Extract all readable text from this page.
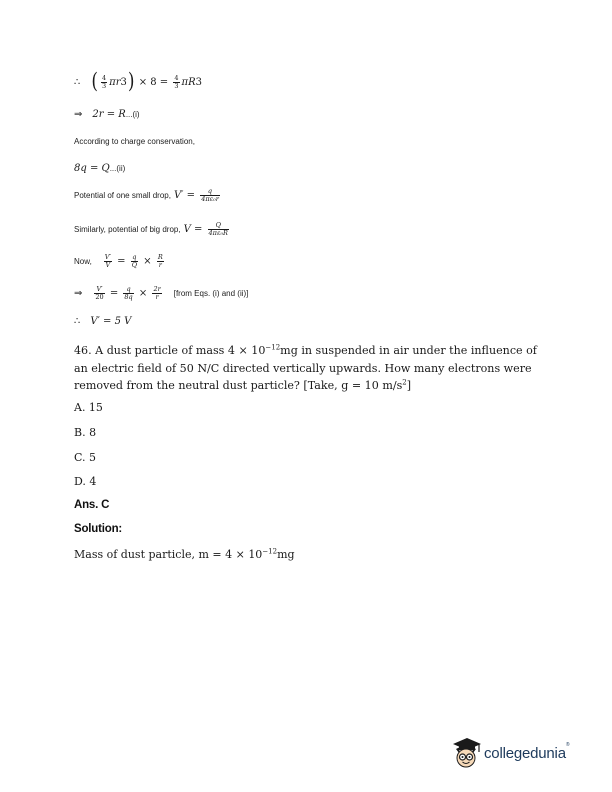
∴ ( $\frac{4}{3}$ πr 3 ) × $8 = \frac{4}{3}$ πR 3
⇒ 2r = R ...(i)
According to charge conservation,
8q = Q ...(ii)
Potential of one small drop, $V' = \frac{q}{\text{4πε₀r}}$
Similarly, potential of big drop, $V = \frac{Q}{\text{4πε₀R}}$
Now, $\frac{V'}{V} = \frac{q}{Q} \times \frac{R}{r}$
⇒ $\frac{V'}{20} = \frac{q}{8q} \times \frac{2r}{r}$ [from Eqs. (i) and (ii)]
∴ V′ = 5 V
46. A dust particle of mass $4 \times 10^{-12}mg$ in suspended in air under the influence of an electric field of 50 N/C directed vertically upwards. How many electrons were removed from the neutral dust particle? [Take, g = 10 $m/s^2$]
A. 15
B. 8
C. 5
D. 4
Ans. C
Solution:
Mass of dust particle, $m = 4 \times 10^{-12}mg$
collegedunia®
